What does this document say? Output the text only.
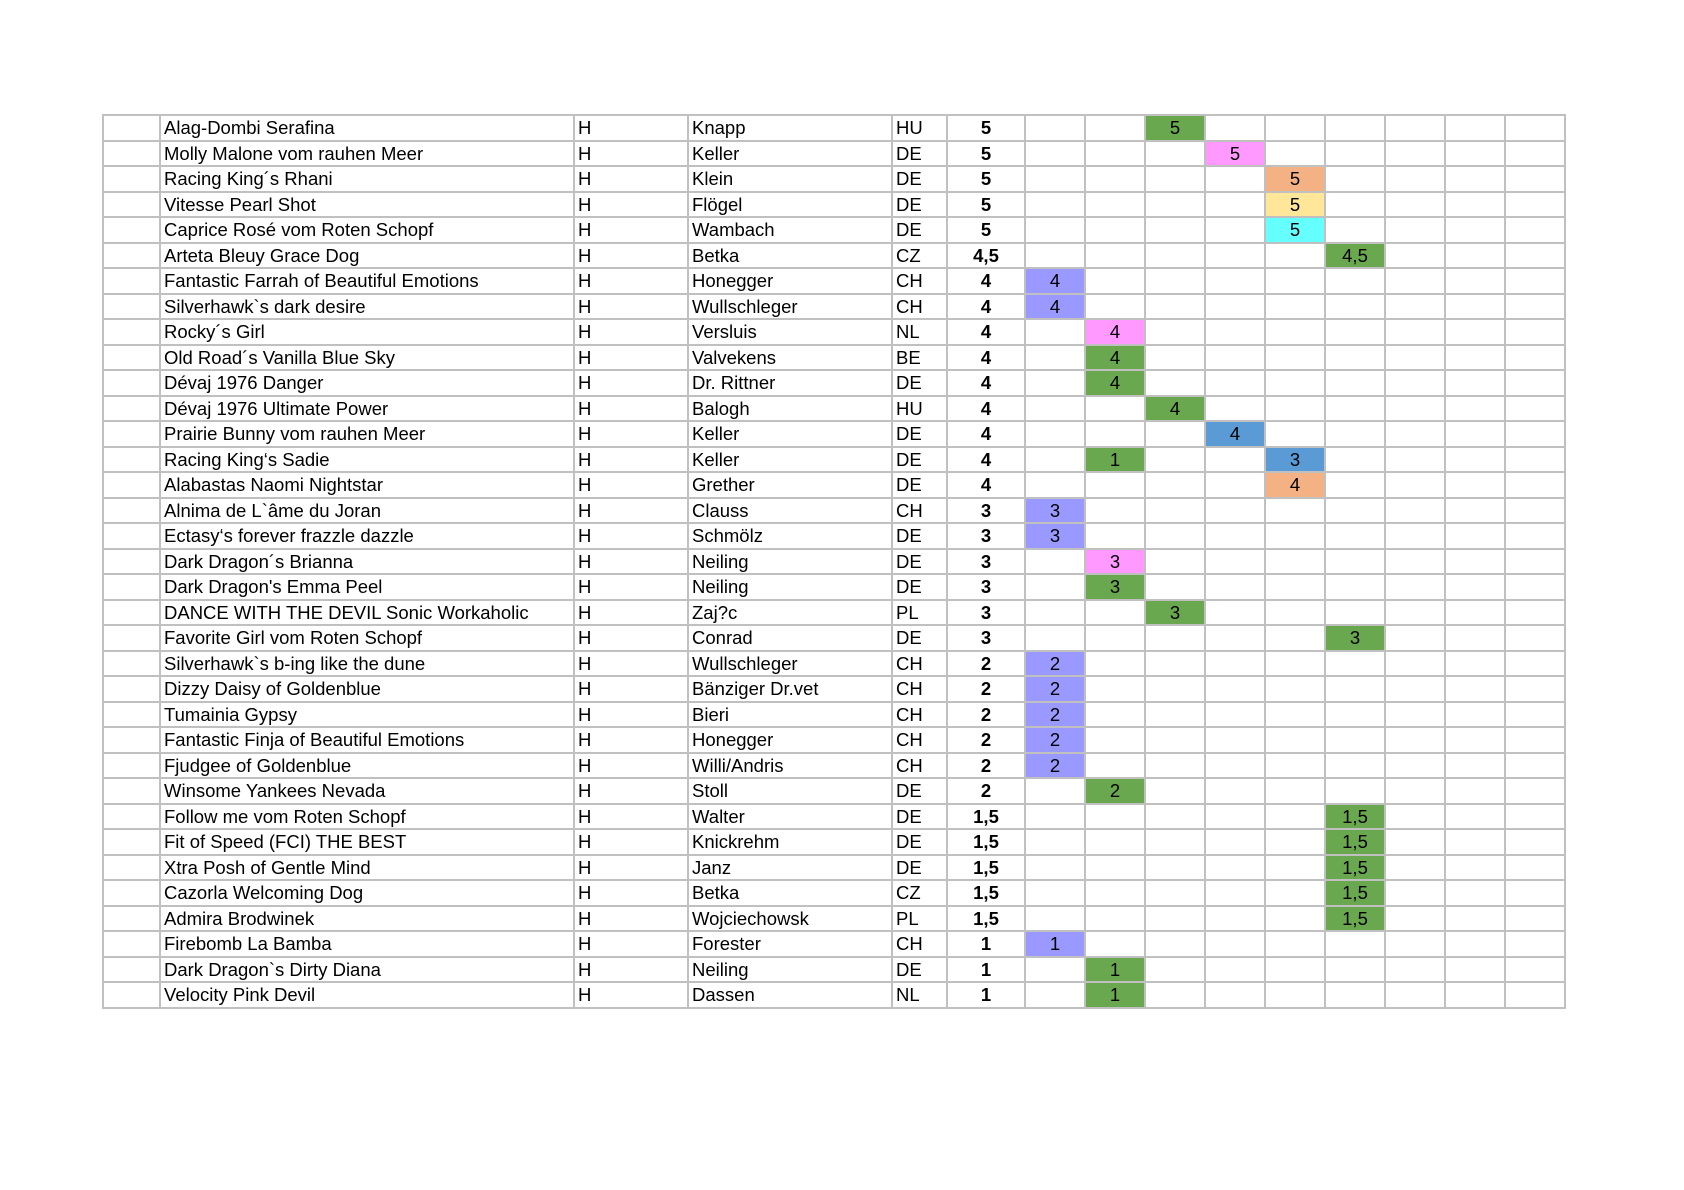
	Alag-Dombi Serafina	H	Knapp	HU	5			5						
	Molly Malone vom rauhen Meer	H	Keller	DE	5				5					
	Racing King´s Rhani	H	Klein	DE	5					5				
	Vitesse Pearl Shot	H	Flögel	DE	5					5				
	Caprice Rosé vom Roten Schopf	H	Wambach	DE	5					5				
	Arteta Bleuy Grace Dog	H	Betka	CZ	4,5						4,5			
	Fantastic Farrah of Beautiful Emotions	H	Honegger	CH	4	4								
	Silverhawk`s dark desire	H	Wullschleger	CH	4	4								
	Rocky´s Girl	H	Versluis	NL	4		4							
	Old Road´s Vanilla Blue Sky	H	Valvekens	BE	4		4							
	Dévaj 1976 Danger	H	Dr. Rittner	DE	4		4							
	Dévaj 1976 Ultimate Power	H	Balogh	HU	4			4						
	Prairie Bunny vom rauhen Meer	H	Keller	DE	4				4					
	Racing King‘s Sadie	H	Keller	DE	4		1			3				
	Alabastas Naomi Nightstar	H	Grether	DE	4					4				
	Alnima de L`âme du Joran	H	Clauss	CH	3	3								
	Ectasy‘s forever frazzle dazzle	H	Schmölz	DE	3	3								
	Dark Dragon´s Brianna	H	Neiling	DE	3		3							
	Dark Dragon's Emma Peel	H	Neiling	DE	3		3							
	DANCE WITH THE DEVIL Sonic Workaholic	H	Zaj?c	PL	3			3						
	Favorite Girl vom Roten Schopf	H	Conrad	DE	3						3			
	Silverhawk`s b-ing like the dune	H	Wullschleger	CH	2	2								
	Dizzy Daisy of Goldenblue	H	Bänziger Dr.vet	CH	2	2								
	Tumainia Gypsy	H	Bieri	CH	2	2								
	Fantastic Finja of Beautiful Emotions	H	Honegger	CH	2	2								
	Fjudgee of Goldenblue	H	Willi/Andris	CH	2	2								
	Winsome Yankees Nevada	H	Stoll	DE	2		2							
	Follow me vom Roten Schopf	H	Walter	DE	1,5						1,5			
	Fit of Speed (FCI) THE BEST	H	Knickrehm	DE	1,5						1,5			
	Xtra Posh of Gentle Mind	H	Janz	DE	1,5						1,5			
	Cazorla Welcoming Dog	H	Betka	CZ	1,5						1,5			
	Admira Brodwinek	H	Wojciechowsk	PL	1,5						1,5			
	Firebomb La Bamba	H	Forester	CH	1	1								
	Dark Dragon`s Dirty Diana	H	Neiling	DE	1		1							
	Velocity Pink Devil	H	Dassen	NL	1		1							
